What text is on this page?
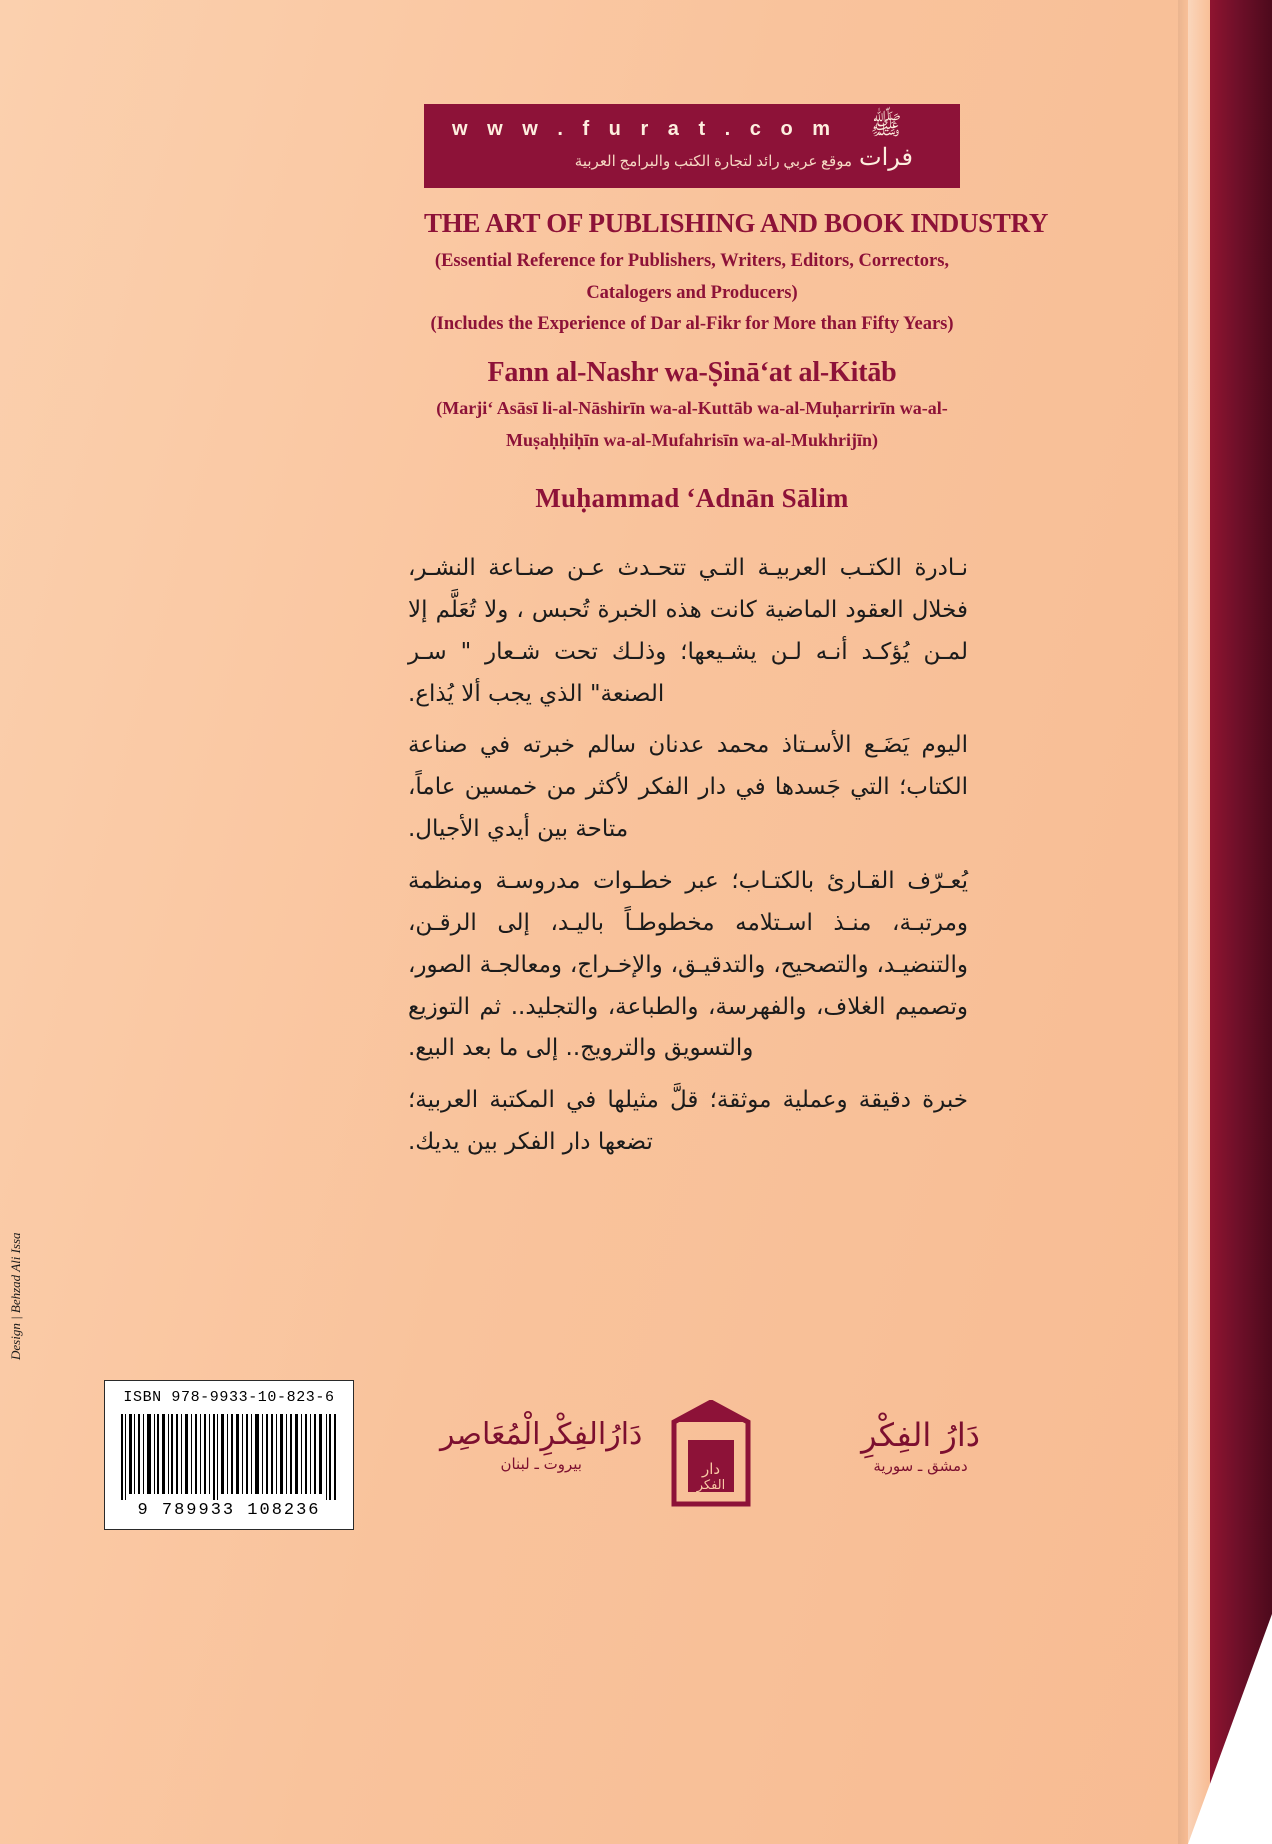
w w w . f u r a t . c o m
موقع عربي رائد لتجارة الكتب والبرامج العربية
ﷺ
فرات
THE ART OF PUBLISHING AND BOOK INDUSTRY
(Essential Reference for Publishers, Writers, Editors, Correctors,
Catalogers and Producers)
(Includes the Experience of Dar al-Fikr for More than Fifty Years)
Fann al-Nashr wa-Ṣināʻat al-Kitāb
(Marjiʻ Asāsī li-al-Nāshirīn wa-al-Kuttāb wa-al-Muḥarrirīn wa-al-
Muṣaḥḥiḥīn wa-al-Mufahrisīn wa-al-Mukhrijīn)
Muḥammad ʻAdnān Sālim

نـادرة الكتـب العربيـة التـي تتحـدث عـن صنـاعة النشـر، فخلال العقود الماضية كانت هذه الخبرة تُحبس ، ولا تُعَلَّم إلا لمـن يُؤكـد أنـه لـن يشـيعها؛ وذلـك تحت شـعار " سـر الصنعة" الذي يجب ألا يُذاع.

اليوم يَضَـع الأسـتاذ محمد عدنان سالم خبرته في صناعة الكتاب؛ التي جَسدها في دار الفكر لأكثر من خمسين عاماً، متاحة بين أيدي الأجيال.

يُعـرّف القـارئ بالكتـاب؛ عبر خطـوات مدروسـة ومنظمة ومرتبـة، منـذ اسـتلامه مخطوطـاً باليـد، إلى الرقـن، والتنضيـد، والتصحيح، والتدقيـق، والإخـراج، ومعالجـة الصور، وتصميم الغلاف، والفهرسة، والطباعة، والتجليد.. ثم التوزيع والتسويق والترويج.. إلى ما بعد البيع.

خبرة دقيقة وعملية موثقة؛ قلَّ مثيلها في المكتبة العربية؛ تضعها دار الفكر بين يديك.

Design | Behzad Ali Issa
ISBN 978-9933-10-823-6
9 789933 108236
دَارُ الفِكْرِ
دمشق ـ سورية
دار
الفكر
دَارُالفِكْرِالْمُعَاصِر
بيروت ـ لبنان
